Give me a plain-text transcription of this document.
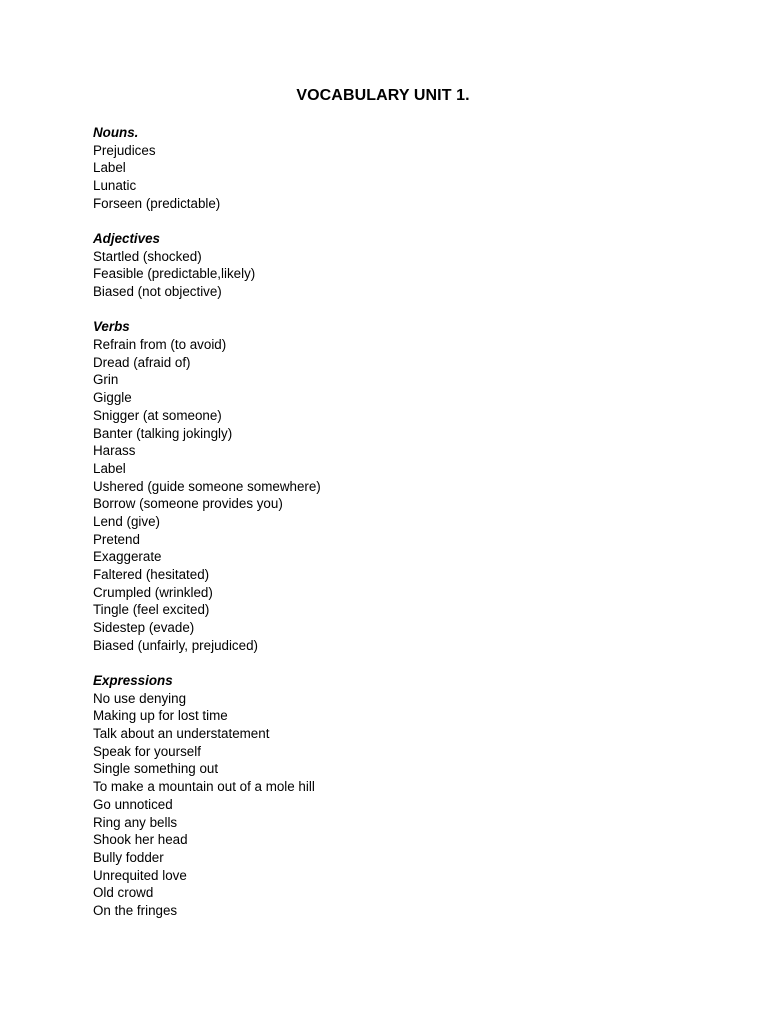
VOCABULARY UNIT 1.
Nouns.
Prejudices
Label
Lunatic
Forseen (predictable)
Adjectives
Startled (shocked)
Feasible (predictable,likely)
Biased (not objective)
Verbs
Refrain from (to avoid)
Dread (afraid of)
Grin
Giggle
Snigger (at someone)
Banter (talking jokingly)
Harass
Label
Ushered (guide someone somewhere)
Borrow (someone provides you)
Lend (give)
Pretend
Exaggerate
Faltered (hesitated)
Crumpled (wrinkled)
Tingle (feel excited)
Sidestep (evade)
Biased (unfairly, prejudiced)
Expressions
No use denying
Making up for lost time
Talk about an understatement
Speak for yourself
Single something out
To make a mountain out of a mole hill
Go unnoticed
Ring any bells
Shook her head
Bully fodder
Unrequited love
Old crowd
On the fringes
